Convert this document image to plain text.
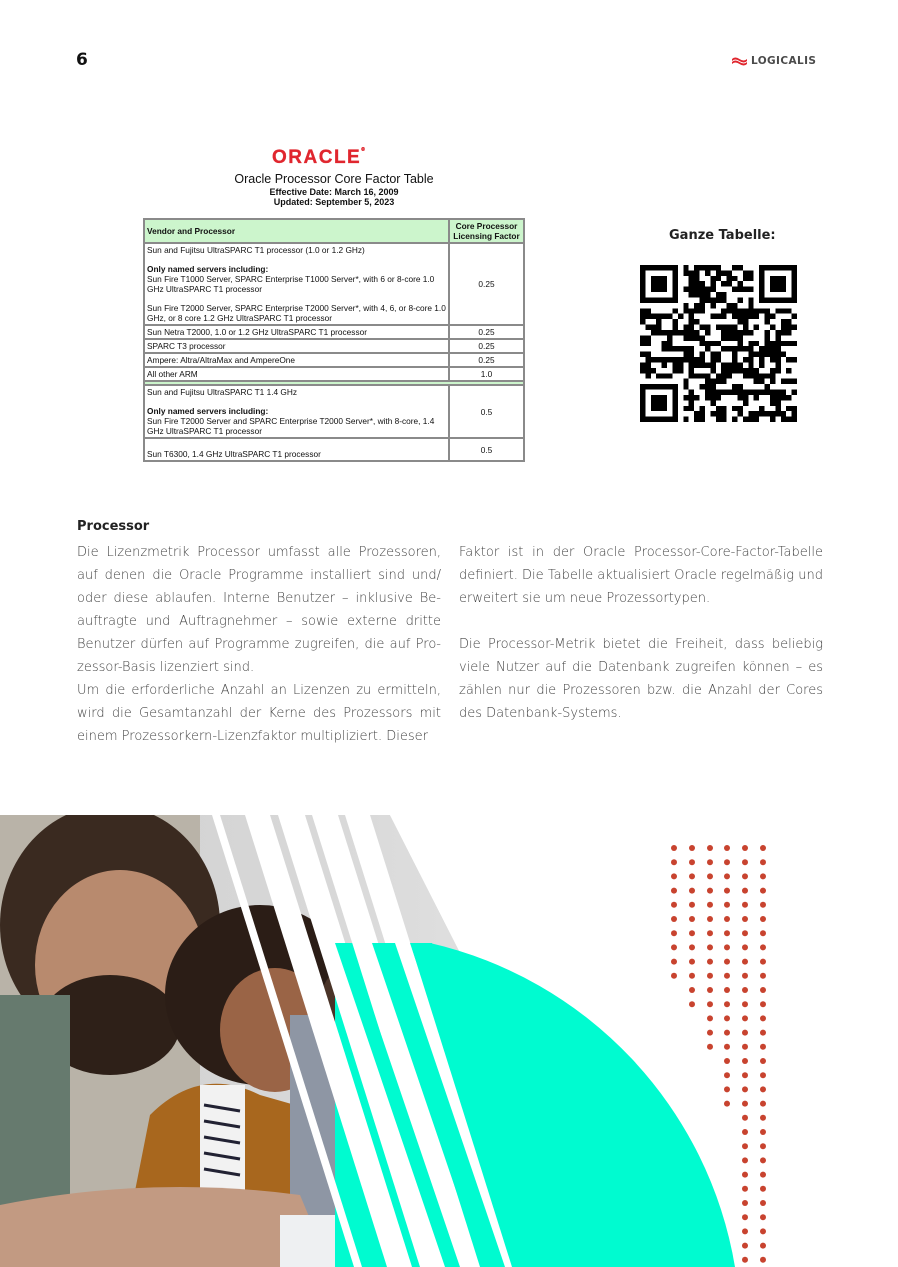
6	LOGICALIS
ORACLE®
Oracle Processor Core Factor Table
Effective Date: March 16, 2009
Updated: September 5, 2023
Vendor and Processor	Core Processor Licensing Factor

Sun and Fujitsu UltraSPARC T1 processor (1.0 or 1.2 GHz)
Only named servers including:
Sun Fire T1000 Server, SPARC Enterprise T1000 Server*, with 6 or 8-core 1.0 GHz UltraSPARC T1 processor
Sun Fire T2000 Server, SPARC Enterprise T2000 Server*, with 4, 6, or 8-core 1.0 GHz, or 8 core 1.2 GHz UltraSPARC T1 processor	0.25

Sun Netra T2000, 1.0 or 1.2 GHz UltraSPARC T1 processor	0.25

SPARC T3 processor	0.25

Ampere: Altra/AltraMax and AmpereOne	0.25

All other ARM	1.0

Sun and Fujitsu UltraSPARC T1 1.4 GHz
Only named servers including:
Sun Fire T2000 Server and SPARC Enterprise T2000 Server*, with 8-core, 1.4 GHz UltraSPARC T1 processor	0.5

Sun T6300, 1.4 GHz UltraSPARC T1 processor	0.5
Ganze Tabelle:
Processor

Die Lizenzmetrik Processor umfasst alle Prozessoren, auf denen die Oracle Programme installiert sind und/ oder diese ablaufen. Interne Benutzer – inklusive Beauftragte und Auftragnehmer – sowie externe dritte Benutzer dürfen auf Programme zugreifen, die auf Prozessor-Basis lizenziert sind.

Um die erforderliche Anzahl an Lizenzen zu ermitteln, wird die Gesamtanzahl der Kerne des Prozessors mit einem Prozessorkern-Lizenzfaktor multipliziert. Dieser

Faktor ist in der Oracle Processor-Core-Factor-Tabelle definiert. Die Tabelle aktualisiert Oracle regelmäßig und erweitert sie um neue Prozessortypen.

Die Processor-Metrik bietet die Freiheit, dass beliebig viele Nutzer auf die Datenbank zugreifen können – es zählen nur die Prozessoren bzw. die Anzahl der Cores des Datenbank-Systems.
